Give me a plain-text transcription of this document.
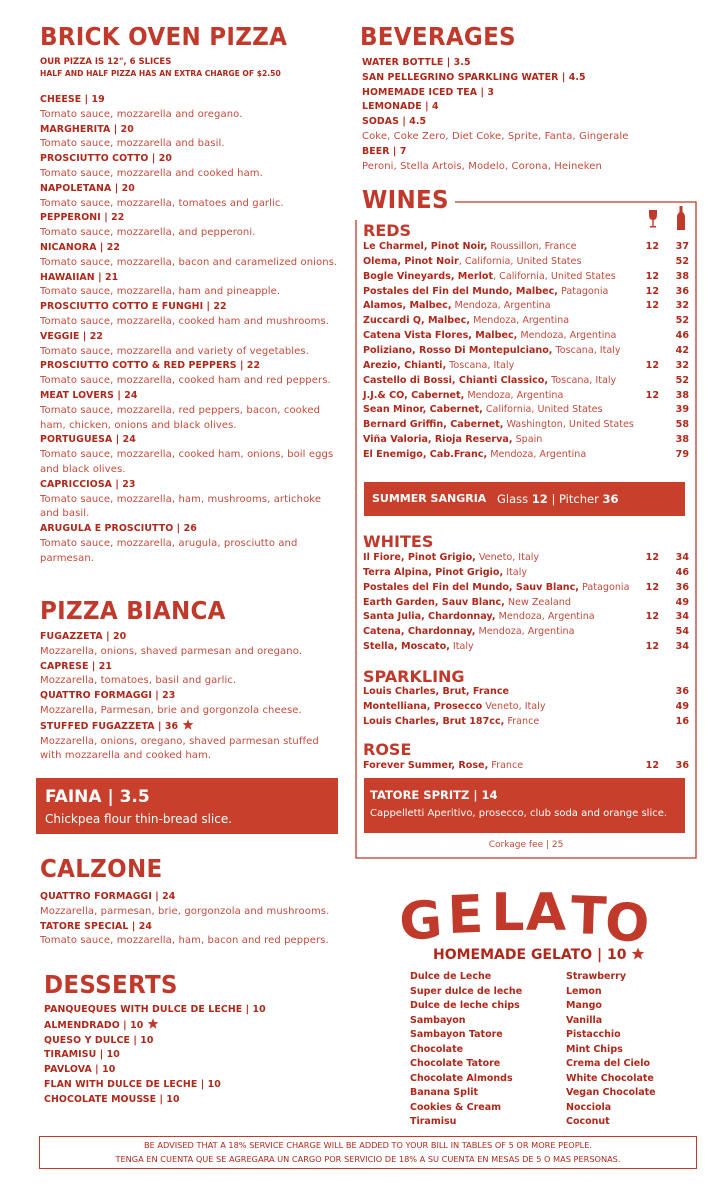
BRICK OVEN PIZZA
OUR PIZZA IS 12", 6 SLICES
HALF AND HALF PIZZA HAS AN EXTRA CHARGE OF $2.50
CHEESE | 19
Tomato sauce, mozzarella and oregano.
MARGHERITA | 20
Tomato sauce, mozzarella and basil.
PROSCIUTTO COTTO | 20
Tomato sauce, mozzarella and cooked ham.
NAPOLETANA | 20
Tomato sauce, mozzarella, tomatoes and garlic.
PEPPERONI | 22
Tomato sauce, mozzarella, and pepperoni.
NICANORA | 22
Tomato sauce, mozzarella, bacon and caramelized onions.
HAWAIIAN | 21
Tomato sauce, mozzarella, ham and pineapple.
PROSCIUTTO COTTO E FUNGHI | 22
Tomato sauce, mozzarella, cooked ham and mushrooms.
VEGGIE | 22
Tomato sauce, mozzarella and variety of vegetables.
PROSCIUTTO COTTO & RED PEPPERS | 22
Tomato sauce, mozzarella, cooked ham and red peppers.
MEAT LOVERS | 24
Tomato sauce, mozzarella, red peppers, bacon, cooked ham, chicken, onions and black olives.
PORTUGUESA | 24
Tomato sauce, mozzarella, cooked ham, onions, boil eggs and black olives.
CAPRICCIOSA | 23
Tomato sauce, mozzarella, ham, mushrooms, artichoke and basil.
ARUGULA E PROSCIUTTO | 26
Tomato sauce, mozzarella, arugula, prosciutto and parmesan.
PIZZA BIANCA
FUGAZZETA | 20
Mozzarella, onions, shaved parmesan and oregano.
CAPRESE | 21
Mozzarella, tomatoes, basil and garlic.
QUATTRO FORMAGGI | 23
Mozzarella, Parmesan, brie and gorgonzola cheese.
STUFFED FUGAZZETA | 36
Mozzarella, onions, oregano, shaved parmesan stuffed with mozzarella and cooked ham.
FAINA | 3.5
Chickpea flour thin-bread slice.
CALZONE
QUATTRO FORMAGGI | 24
Mozzarella, parmesan, brie, gorgonzola and mushrooms.
TATORE SPECIAL | 24
Tomato sauce, mozzarella, ham, bacon and red peppers.
DESSERTS
PANQUEQUES WITH DULCE DE LECHE | 10
ALMENDRADO | 10
QUESO Y DULCE | 10
TIRAMISU | 10
PAVLOVA | 10
FLAN WITH DULCE DE LECHE | 10
CHOCOLATE MOUSSE | 10
BEVERAGES
WATER BOTTLE | 3.5
SAN PELLEGRINO SPARKLING WATER | 4.5
HOMEMADE ICED TEA | 3
LEMONADE | 4
SODAS | 4.5
Coke, Coke Zero, Diet Coke, Sprite, Fanta, Gingerale
BEER | 7
Peroni, Stella Artois, Modelo, Corona, Heineken
WINES
REDS
Le Charmel, Pinot Noir, Roussillon, France	12	37
Olema, Pinot Noir, California, United States	52
Bogle Vineyards, Merlot, California, United States	12	38
Postales del Fin del Mundo, Malbec, Patagonia	12	36
Alamos, Malbec, Mendoza, Argentina	12	32
Zuccardi Q, Malbec, Mendoza, Argentina	52
Catena Vista Flores, Malbec, Mendoza, Argentina	46
Poliziano, Rosso Di Montepulciano, Toscana, Italy	42
Arezio, Chianti, Toscana, Italy	12	32
Castello di Bossi, Chianti Classico, Toscana, Italy	52
J.J.& CO, Cabernet, Mendoza, Argentina	12	38
Sean Minor, Cabernet, California, United States	39
Bernard Griffin, Cabernet, Washington, United States	58
Viña Valoria, Rioja Reserva, Spain	38
El Enemigo, Cab.Franc, Mendoza, Argentina	79
SUMMER SANGRIA Glass 12 | Pitcher 36
WHITES
Il Fiore, Pinot Grigio, Veneto, Italy	12	34
Terra Alpina, Pinot Grigio, Italy	46
Postales del Fin del Mundo, Sauv Blanc, Patagonia	12	36
Earth Garden, Sauv Blanc, New Zealand	49
Santa Julia, Chardonnay, Mendoza, Argentina	12	34
Catena, Chardonnay, Mendoza, Argentina	54
Stella, Moscato, Italy	12	34
SPARKLING
Louis Charles, Brut, France	36
Montelliana, Prosecco Veneto, Italy	49
Louis Charles, Brut 187cc, France	16
ROSE
Forever Summer, Rose, France	12	36
TATORE SPRITZ | 14
Cappelletti Aperitivo, prosecco, club soda and orange slice.
Corkage fee | 25
GELATO
HOMEMADE GELATO | 10
Dulce de Leche
Super dulce de leche
Dulce de leche chips
Sambayon
Sambayon Tatore
Chocolate
Chocolate Tatore
Chocolate Almonds
Banana Split
Cookies & Cream
Tiramisu
Strawberry
Lemon
Mango
Vanilla
Pistacchio
Mint Chips
Crema del Cielo
White Chocolate
Vegan Chocolate
Nocciola
Coconut
BE ADVISED THAT A 18% SERVICE CHARGE WILL BE ADDED TO YOUR BILL IN TABLES OF 5 OR MORE PEOPLE.
TENGA EN CUENTA QUE SE AGREGARA UN CARGO POR SERVICIO DE 18% A SU CUENTA EN MESAS DE 5 O MAS PERSONAS.
